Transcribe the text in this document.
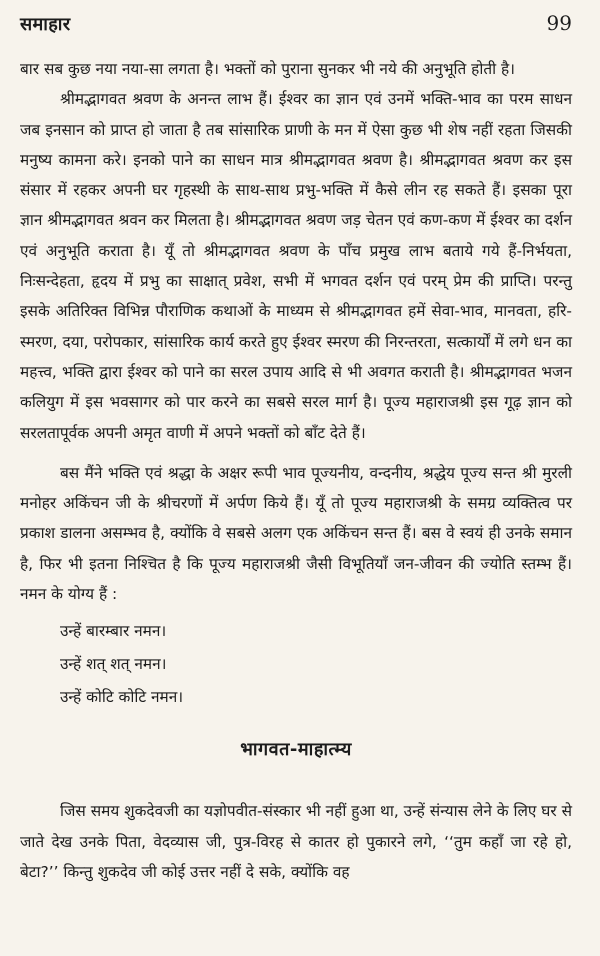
समाहार	99

बार सब कुछ नया नया-सा लगता है। भक्तों को पुराना सुनकर भी नये की अनुभूति होती है।

श्रीमद्भागवत श्रवण के अनन्त लाभ हैं। ईश्वर का ज्ञान एवं उनमें भक्ति-भाव का परम साधन जब इनसान को प्राप्त हो जाता है तब सांसारिक प्राणी के मन में ऐसा कुछ भी शेष नहीं रहता जिसकी मनुष्य कामना करे। इनको पाने का साधन मात्र श्रीमद्भागवत श्रवण है। श्रीमद्भागवत श्रवण कर इस संसार में रहकर अपनी घर गृहस्थी के साथ-साथ प्रभु-भक्ति में कैसे लीन रह सकते हैं। इसका पूरा ज्ञान श्रीमद्भागवत श्रवन कर मिलता है। श्रीमद्भागवत श्रवण जड़ चेतन एवं कण-कण में ईश्वर का दर्शन एवं अनुभूति कराता है। यूँ तो श्रीमद्भागवत श्रवण के पाँच प्रमुख लाभ बताये गये हैं-निर्भयता, निःसन्देहता, हृदय में प्रभु का साक्षात् प्रवेश, सभी में भगवत दर्शन एवं परम् प्रेम की प्राप्ति। परन्तु इसके अतिरिक्त विभिन्न पौराणिक कथाओं के माध्यम से श्रीमद्भागवत हमें सेवा-भाव, मानवता, हरि-स्मरण, दया, परोपकार, सांसारिक कार्य करते हुए ईश्वर स्मरण की निरन्तरता, सत्कार्यों में लगे धन का महत्त्व, भक्ति द्वारा ईश्वर को पाने का सरल उपाय आदि से भी अवगत कराती है। श्रीमद्भागवत भजन कलियुग में इस भवसागर को पार करने का सबसे सरल मार्ग है। पूज्य महाराजश्री इस गूढ़ ज्ञान को सरलतापूर्वक अपनी अमृत वाणी में अपने भक्तों को बाँट देते हैं।

बस मैंने भक्ति एवं श्रद्धा के अक्षर रूपी भाव पूज्यनीय, वन्दनीय, श्रद्धेय पूज्य सन्त श्री मुरली मनोहर अकिंचन जी के श्रीचरणों में अर्पण किये हैं। यूँ तो पूज्य महाराजश्री के समग्र व्यक्तित्व पर प्रकाश डालना असम्भव है, क्योंकि वे सबसे अलग एक अकिंचन सन्त हैं। बस वे स्वयं ही उनके समान है, फिर भी इतना निश्चित है कि पूज्य महाराजश्री जैसी विभूतियाँ जन-जीवन की ज्योति स्तम्भ हैं। नमन के योग्य हैं :

उन्हें बारम्बार नमन।
उन्हें शत् शत् नमन।
उन्हें कोटि कोटि नमन।
भागवत-माहात्म्य

जिस समय शुकदेवजी का यज्ञोपवीत-संस्कार भी नहीं हुआ था, उन्हें संन्यास लेने के लिए घर से जाते देख उनके पिता, वेदव्यास जी, पुत्र-विरह से कातर हो पुकारने लगे, ‘‘तुम कहाँ जा रहे हो, बेटा?’’ किन्तु शुकदेव जी कोई उत्तर नहीं दे सके, क्योंकि वह
